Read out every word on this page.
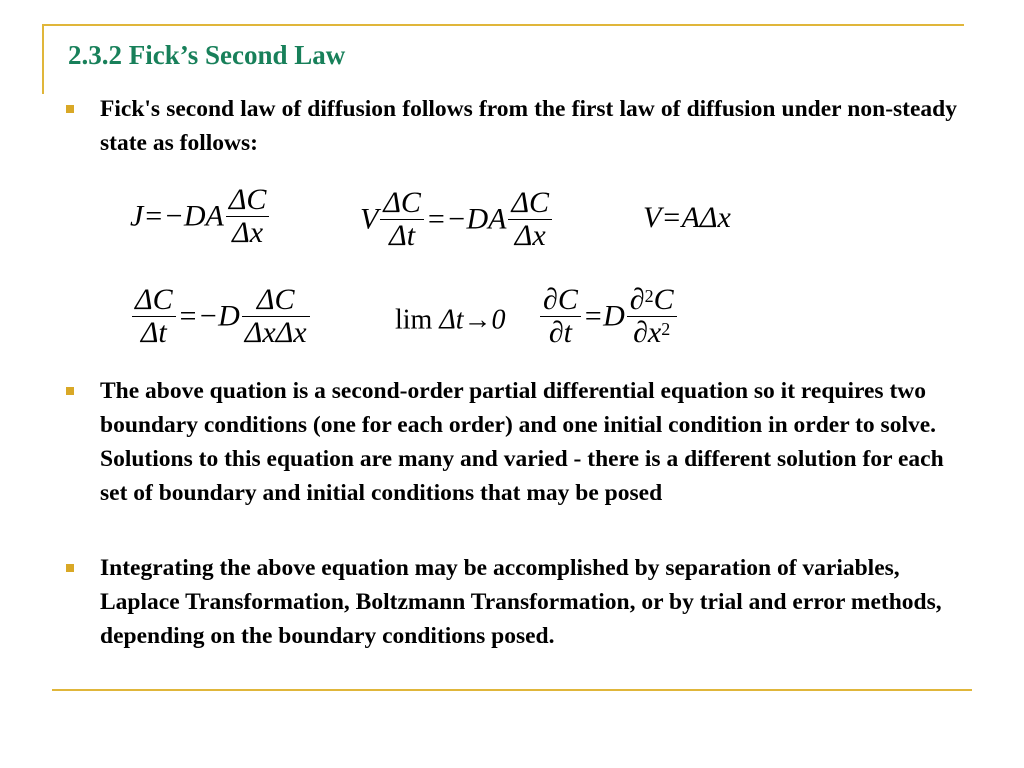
2.3.2 Fick’s Second Law

Fick's second law of diffusion follows from the first law of diffusion under non-steady state as follows:

$J=-DA \frac{\Delta C}{\Delta x}$	V $\frac{\Delta C}{\Delta t} =-DA \frac{\Delta C}{\Delta x}$	V=AΔx
$\frac{\Delta C}{\Delta t} =-D \frac{\Delta C}{\text{ΔxΔx}}$	$\lim \Delta t\to 0 \frac{\partial C}{\partial t} =D \frac{\partial^2C}{\partial x^2}$

The above quation is a second-order partial differential equation so it requires two boundary conditions (one for each order) and one initial condition in order to solve. Solutions to this equation are many and varied - there is a different solution for each set of boundary and initial conditions that may be posed

Integrating the above equation may be accomplished by separation of variables, Laplace Transformation, Boltzmann Transformation, or by trial and error methods, depending on the boundary conditions posed.
